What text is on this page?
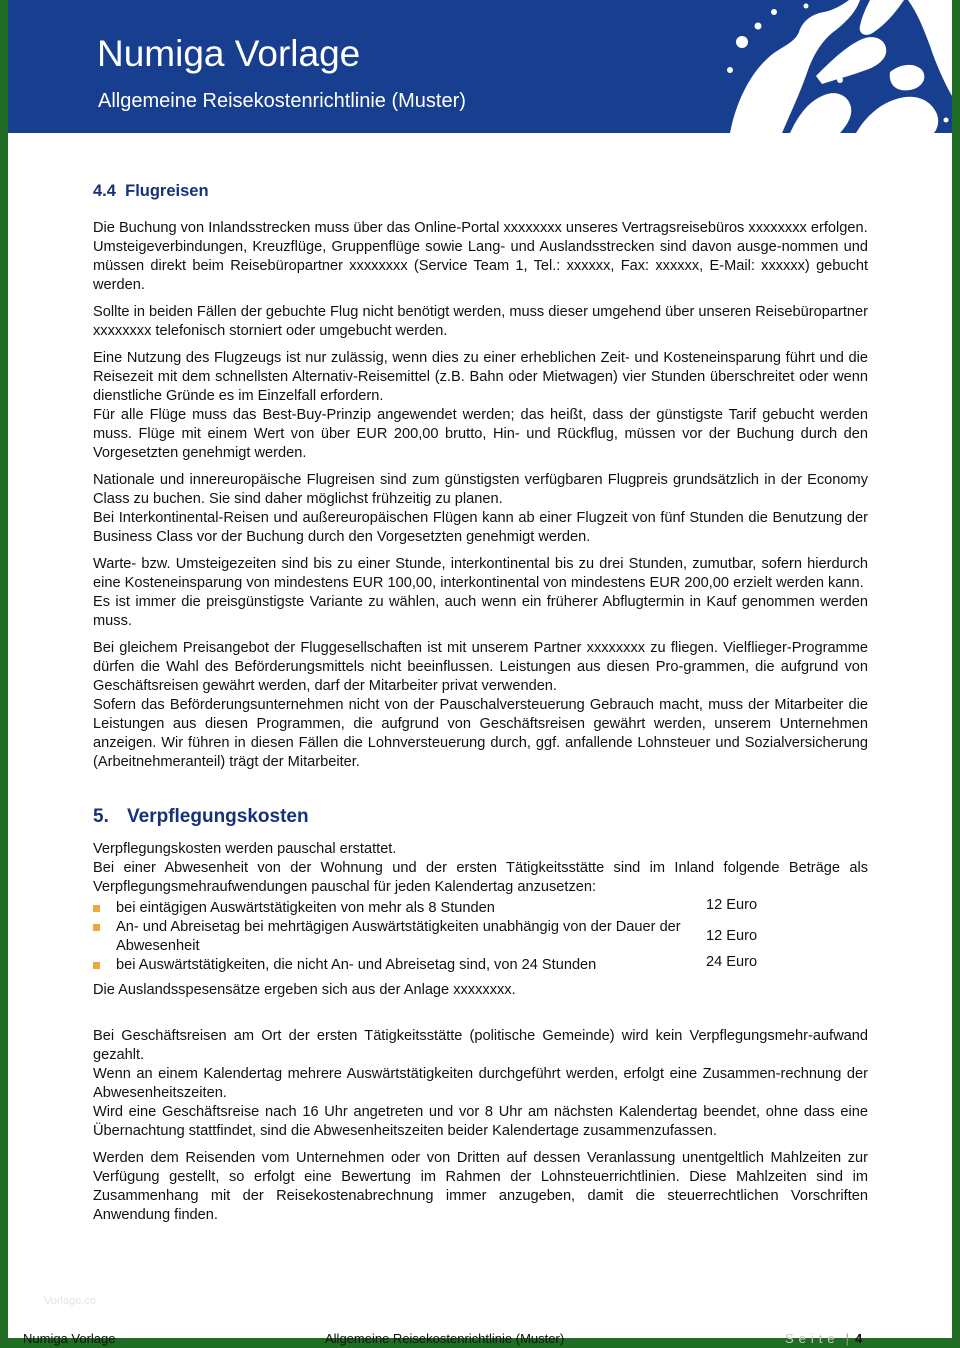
Numiga Vorlage
Allgemeine Reisekostenrichtlinie (Muster)
4.4 Flugreisen

Die Buchung von Inlandsstrecken muss über das Online-Portal xxxxxxxx unseres Vertragsreisebüros xxxxxxxx erfolgen.

Umsteigeverbindungen, Kreuzflüge, Gruppenflüge sowie Lang- und Auslandsstrecken sind davon ausge-nommen und müssen direkt beim Reisebüropartner xxxxxxxx (Service Team 1, Tel.: xxxxxx, Fax: xxxxxx, E-Mail: xxxxxx) gebucht werden.

Sollte in beiden Fällen der gebuchte Flug nicht benötigt werden, muss dieser umgehend über unseren Reisebüropartner xxxxxxxx telefonisch storniert oder umgebucht werden.

Eine Nutzung des Flugzeugs ist nur zulässig, wenn dies zu einer erheblichen Zeit- und Kosteneinsparung führt und die Reisezeit mit dem schnellsten Alternativ-Reisemittel (z.B. Bahn oder Mietwagen) vier Stunden überschreitet oder wenn dienstliche Gründe es im Einzelfall erfordern.

Für alle Flüge muss das Best-Buy-Prinzip angewendet werden; das heißt, dass der günstigste Tarif gebucht werden muss. Flüge mit einem Wert von über EUR 200,00 brutto, Hin- und Rückflug, müssen vor der Buchung durch den Vorgesetzten genehmigt werden.

Nationale und innereuropäische Flugreisen sind zum günstigsten verfügbaren Flugpreis grundsätzlich in der Economy Class zu buchen. Sie sind daher möglichst frühzeitig zu planen.

Bei Interkontinental-Reisen und außereuropäischen Flügen kann ab einer Flugzeit von fünf Stunden die Benutzung der Business Class vor der Buchung durch den Vorgesetzten genehmigt werden.

Warte- bzw. Umsteigezeiten sind bis zu einer Stunde, interkontinental bis zu drei Stunden, zumutbar, sofern hierdurch eine Kosteneinsparung von mindestens EUR 100,00, interkontinental von mindestens EUR 200,00 erzielt werden kann.

Es ist immer die preisgünstigste Variante zu wählen, auch wenn ein früherer Abflugtermin in Kauf genommen werden muss.

Bei gleichem Preisangebot der Fluggesellschaften ist mit unserem Partner xxxxxxxx zu fliegen. Vielflieger-Programme dürfen die Wahl des Beförderungsmittels nicht beeinflussen. Leistungen aus diesen Pro-grammen, die aufgrund von Geschäftsreisen gewährt werden, darf der Mitarbeiter privat verwenden.

Sofern das Beförderungsunternehmen nicht von der Pauschalversteuerung Gebrauch macht, muss der Mitarbeiter die Leistungen aus diesen Programmen, die aufgrund von Geschäftsreisen gewährt werden, unserem Unternehmen anzeigen. Wir führen in diesen Fällen die Lohnversteuerung durch, ggf. anfallende Lohnsteuer und Sozialversicherung (Arbeitnehmeranteil) trägt der Mitarbeiter.

5. Verpflegungskosten

Verpflegungskosten werden pauschal erstattet.

Bei einer Abwesenheit von der Wohnung und der ersten Tätigkeitsstätte sind im Inland folgende Beträge als Verpflegungsmehraufwendungen pauschal für jeden Kalendertag anzusetzen:

bei eintägigen Auswärtstätigkeiten von mehr als 8 Stunden	12 Euro
An- und Abreisetag bei mehrtägigen Auswärtstätigkeiten unabhängig von der Dauer der Abwesenheit
12 Euro
bei Auswärtstätigkeiten, die nicht An- und Abreisetag sind, von 24 Stunden	24 Euro

Die Auslandsspesensätze ergeben sich aus der Anlage xxxxxxxx.

Bei Geschäftsreisen am Ort der ersten Tätigkeitsstätte (politische Gemeinde) wird kein Verpflegungsmehr-aufwand gezahlt.

Wenn an einem Kalendertag mehrere Auswärtstätigkeiten durchgeführt werden, erfolgt eine Zusammen-rechnung der Abwesenheitszeiten.

Wird eine Geschäftsreise nach 16 Uhr angetreten und vor 8 Uhr am nächsten Kalendertag beendet, ohne dass eine Übernachtung stattfindet, sind die Abwesenheitszeiten beider Kalendertage zusammenzufassen.

Werden dem Reisenden vom Unternehmen oder von Dritten auf dessen Veranlassung unentgeltlich Mahlzeiten zur Verfügung gestellt, so erfolgt eine Bewertung im Rahmen der Lohnsteuerrichtlinien. Diese Mahlzeiten sind im Zusammenhang mit der Reisekostenabrechnung immer anzugeben, damit die steuerrechtlichen Vorschriften Anwendung finden.

Vorlage.co
Numiga Vorlage	Allgemeine Reisekostenrichtlinie (Muster)	Seite | 4
